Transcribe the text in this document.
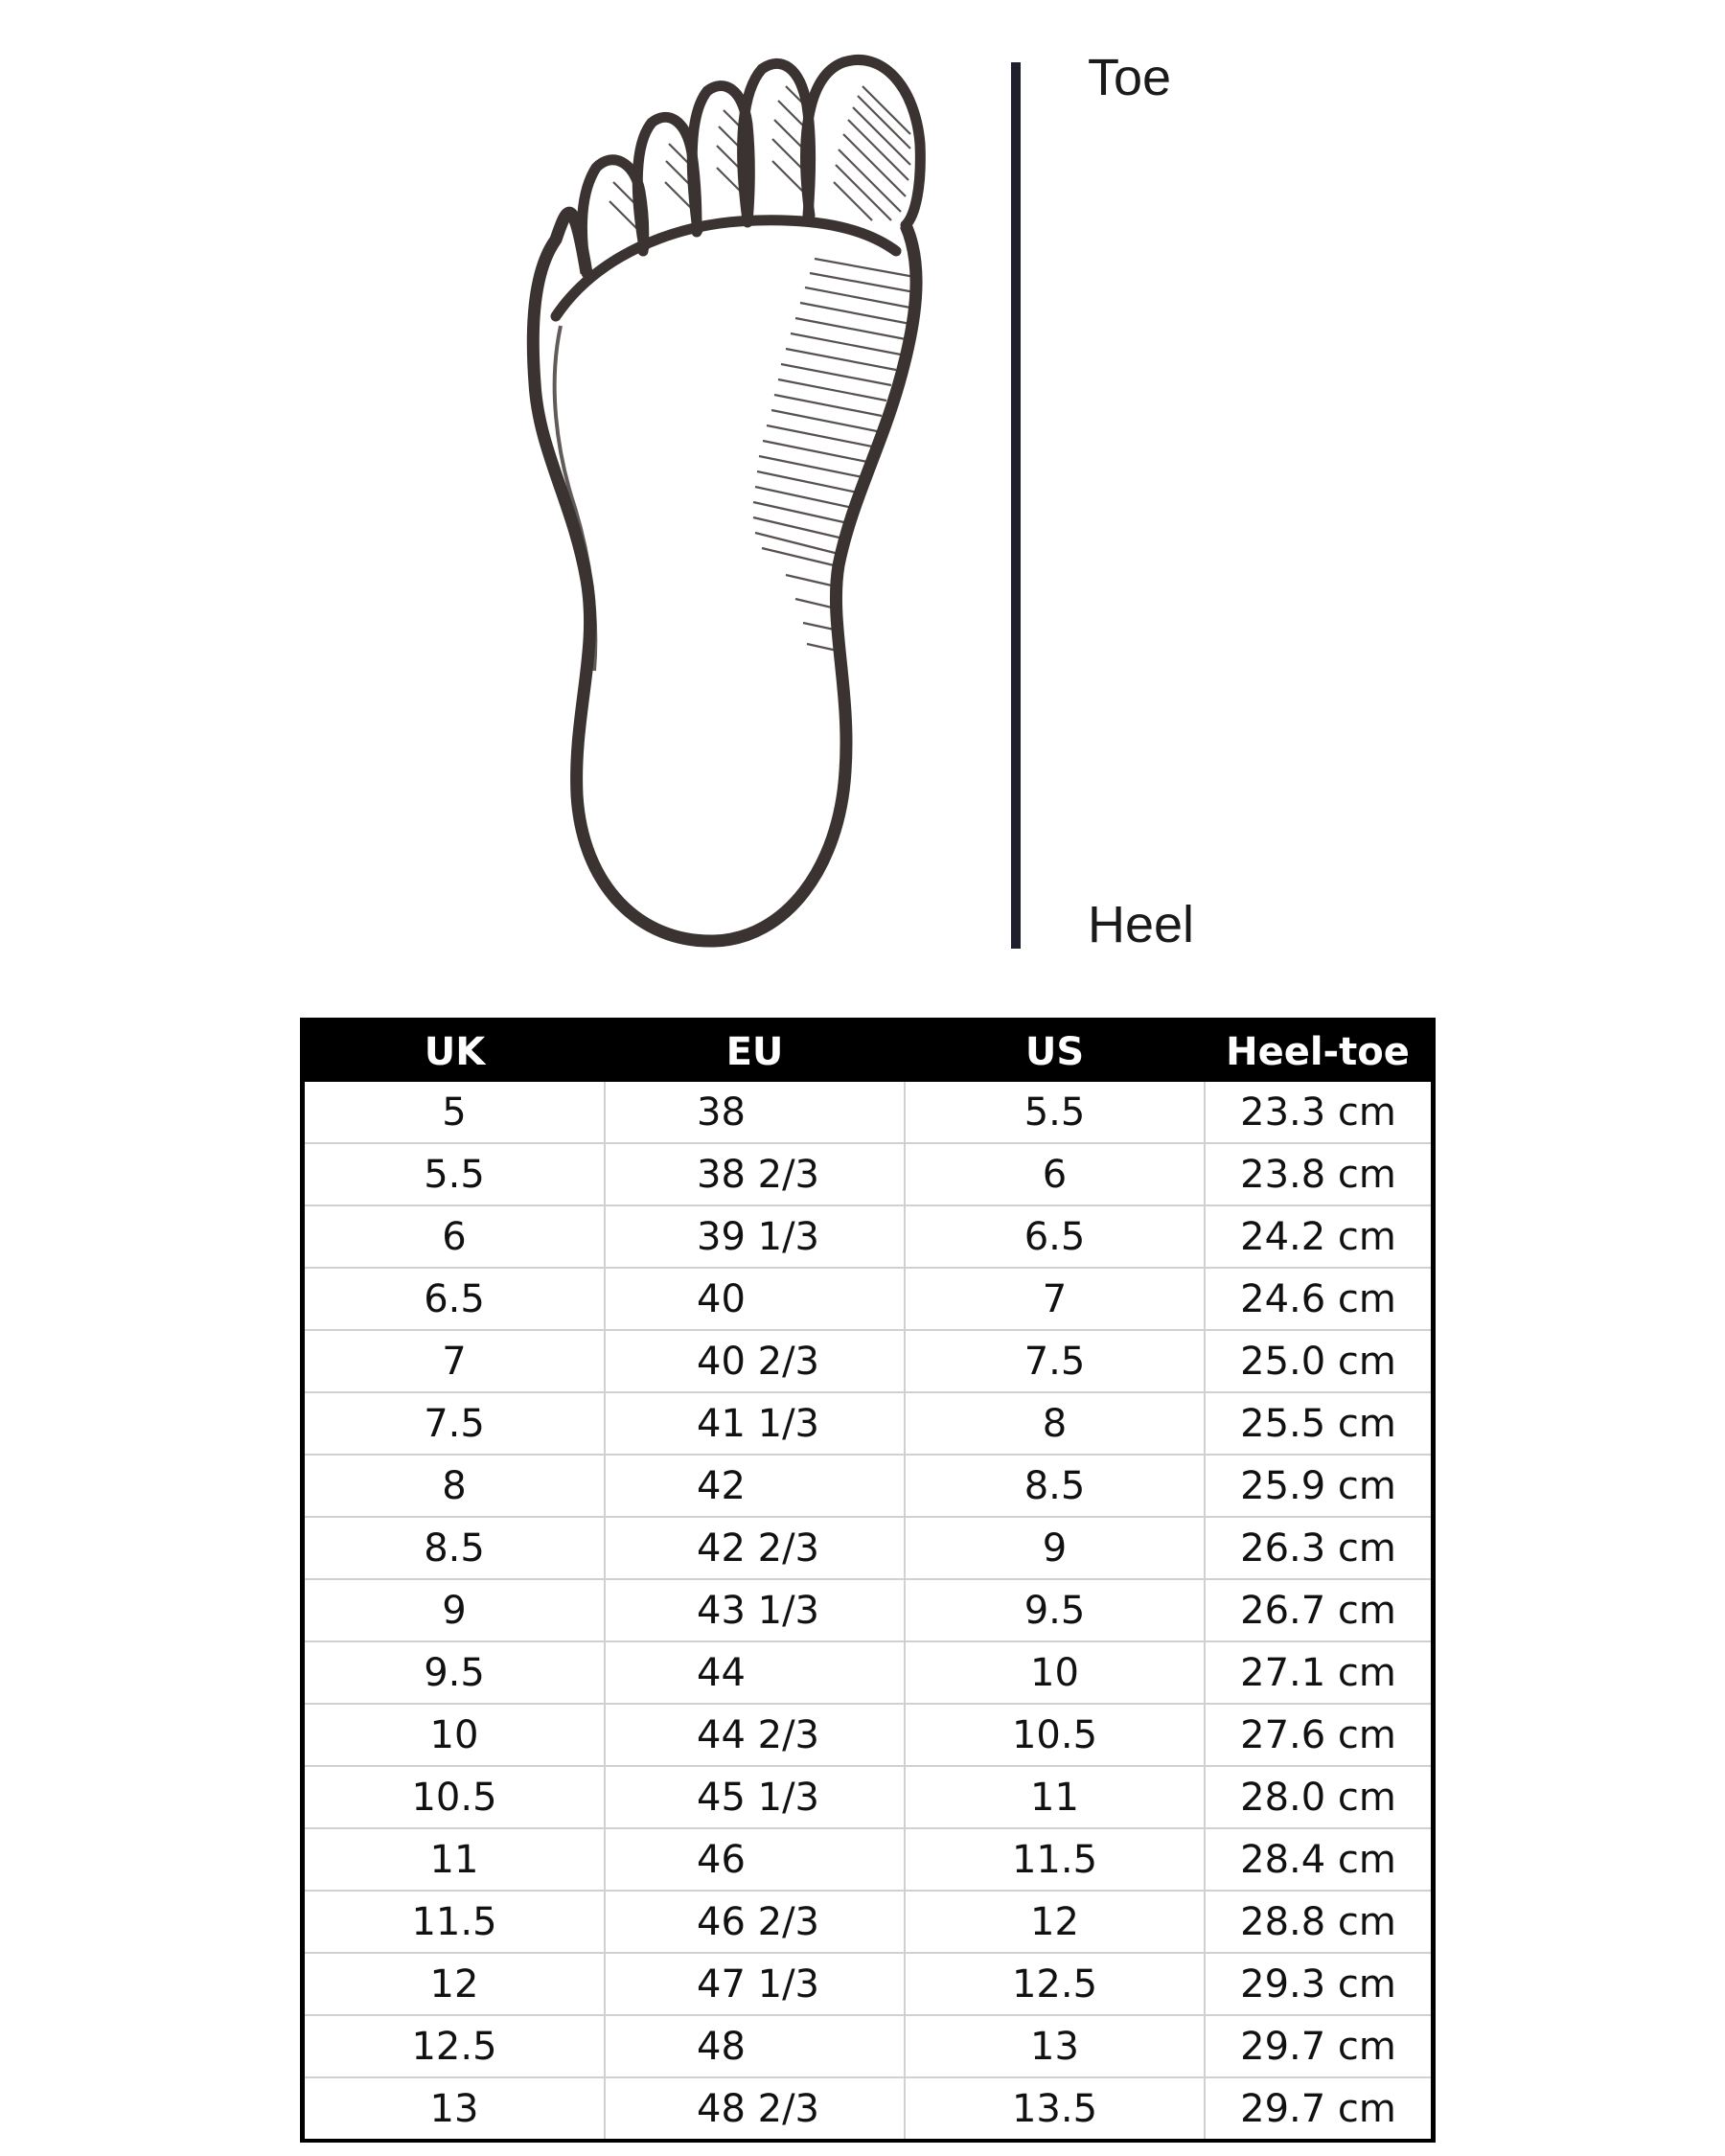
Toe
Heel
UK	EU	US	Heel-toe
5	38	5.5	23.3 cm
5.5	38 2/3	6	23.8 cm
6	39 1/3	6.5	24.2 cm
6.5	40	7	24.6 cm
7	40 2/3	7.5	25.0 cm
7.5	41 1/3	8	25.5 cm
8	42	8.5	25.9 cm
8.5	42 2/3	9	26.3 cm
9	43 1/3	9.5	26.7 cm
9.5	44	10	27.1 cm
10	44 2/3	10.5	27.6 cm
10.5	45 1/3	11	28.0 cm
11	46	11.5	28.4 cm
11.5	46 2/3	12	28.8 cm
12	47 1/3	12.5	29.3 cm
12.5	48	13	29.7 cm
13	48 2/3	13.5	29.7 cm
